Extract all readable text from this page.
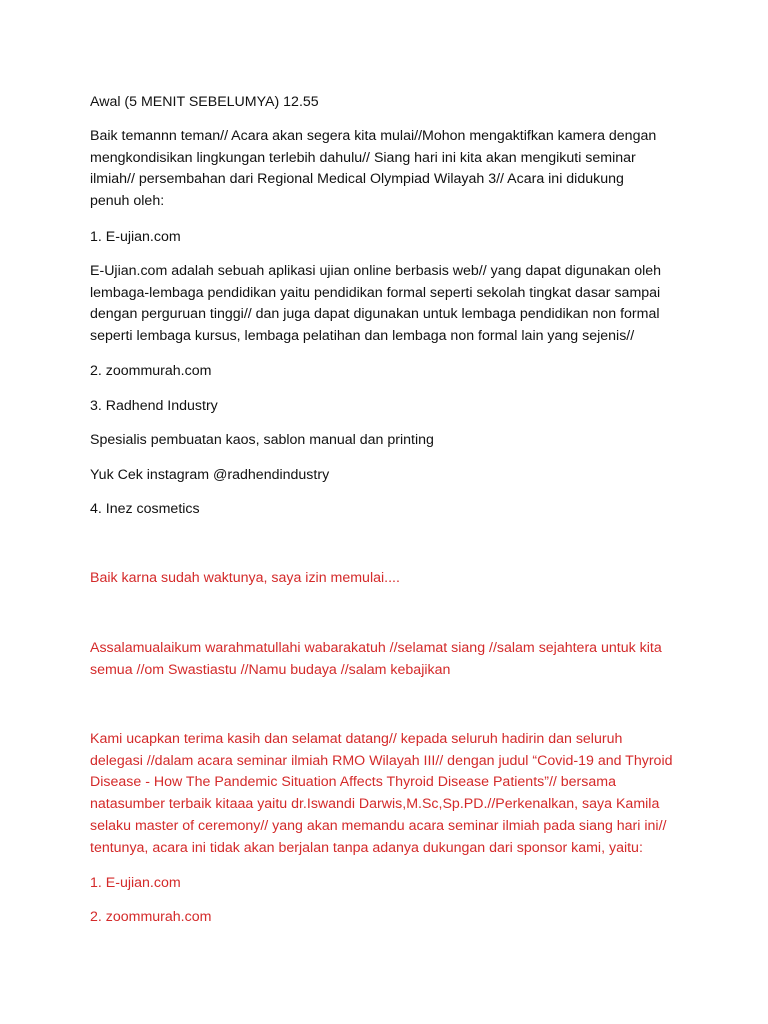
Awal (5 MENIT SEBELUMYA) 12.55

Baik temannn teman// Acara akan segera kita mulai//Mohon mengaktifkan kamera dengan
mengkondisikan lingkungan terlebih dahulu// Siang hari ini kita akan mengikuti seminar
ilmiah// persembahan dari Regional Medical Olympiad Wilayah 3// Acara ini didukung
penuh oleh:

1. E-ujian.com

E-Ujian.com adalah sebuah aplikasi ujian online berbasis web// yang dapat digunakan oleh
lembaga-lembaga pendidikan yaitu pendidikan formal seperti sekolah tingkat dasar sampai
dengan perguruan tinggi// dan juga dapat digunakan untuk lembaga pendidikan non formal
seperti lembaga kursus, lembaga pelatihan dan lembaga non formal lain yang sejenis//

2. zoommurah.com

3. Radhend Industry

Spesialis pembuatan kaos, sablon manual dan printing

Yuk Cek instagram @radhendindustry

4. Inez cosmetics

Baik karna sudah waktunya, saya izin memulai....

Assalamualaikum warahmatullahi wabarakatuh //selamat siang //salam sejahtera untuk kita
semua //om Swastiastu //Namu budaya //salam kebajikan

Kami ucapkan terima kasih dan selamat datang// kepada seluruh hadirin dan seluruh
delegasi //dalam acara seminar ilmiah RMO Wilayah III// dengan judul “Covid-19 and Thyroid
Disease - How The Pandemic Situation Affects Thyroid Disease Patients”// bersama
natasumber terbaik kitaaa yaitu dr.Iswandi Darwis,M.Sc,Sp.PD.//Perkenalkan, saya Kamila
selaku master of ceremony// yang akan memandu acara seminar ilmiah pada siang hari ini//
tentunya, acara ini tidak akan berjalan tanpa adanya dukungan dari sponsor kami, yaitu:

1. E-ujian.com

2. zoommurah.com
